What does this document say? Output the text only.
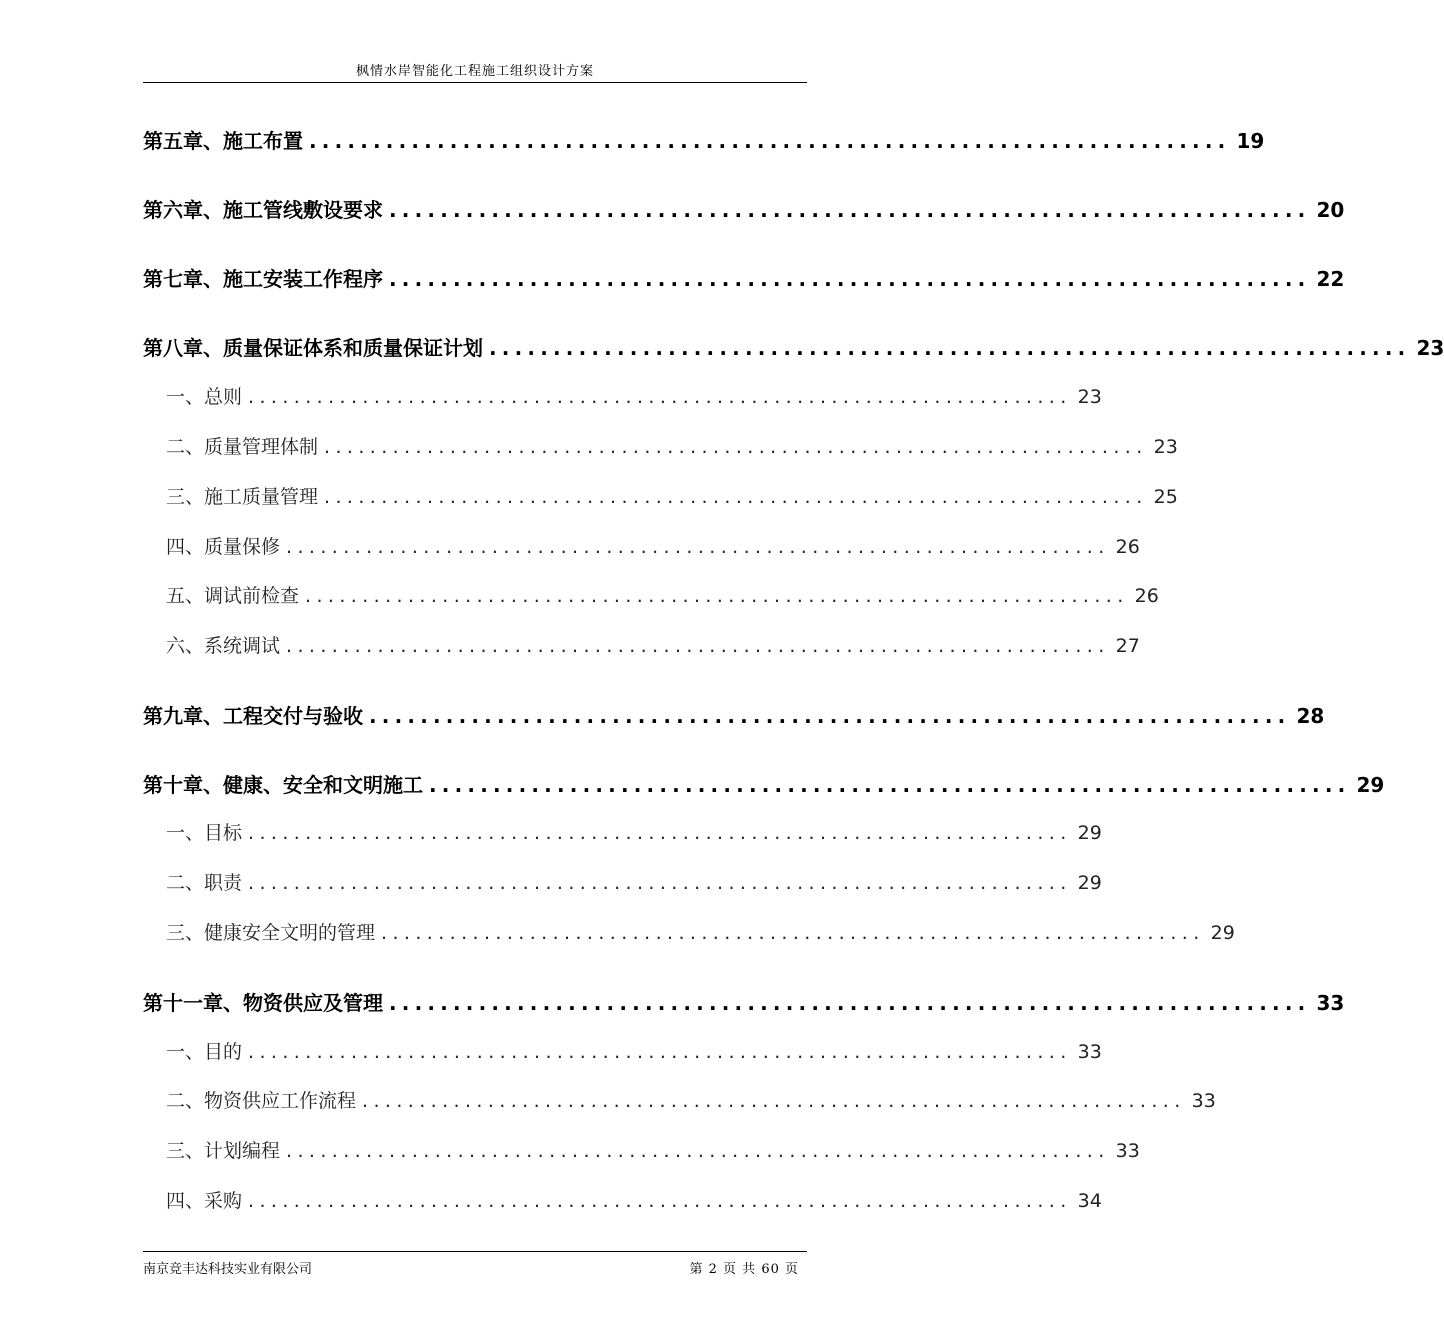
枫情水岸智能化工程施工组织设计方案
第五章、施工布置 ........................................................................ 19
第六章、施工管线敷设要求 ........................................................................ 20
第七章、施工安装工作程序 ........................................................................ 22
第八章、质量保证体系和质量保证计划 ........................................................................ 23
一、总则 ........................................................................ 23
二、质量管理体制 ........................................................................ 23
三、施工质量管理 ........................................................................ 25
四、质量保修 ........................................................................ 26
五、调试前检查 ........................................................................ 26
六、系统调试 ........................................................................ 27
第九章、工程交付与验收 ........................................................................ 28
第十章、健康、安全和文明施工 ........................................................................ 29
一、目标 ........................................................................ 29
二、职责 ........................................................................ 29
三、健康安全文明的管理 ........................................................................ 29
第十一章、物资供应及管理 ........................................................................ 33
一、目的 ........................................................................ 33
二、物资供应工作流程 ........................................................................ 33
三、计划编程 ........................................................................ 33
四、采购 ........................................................................ 34
南京竞丰达科技实业有限公司	第 2 页 共 60 页
